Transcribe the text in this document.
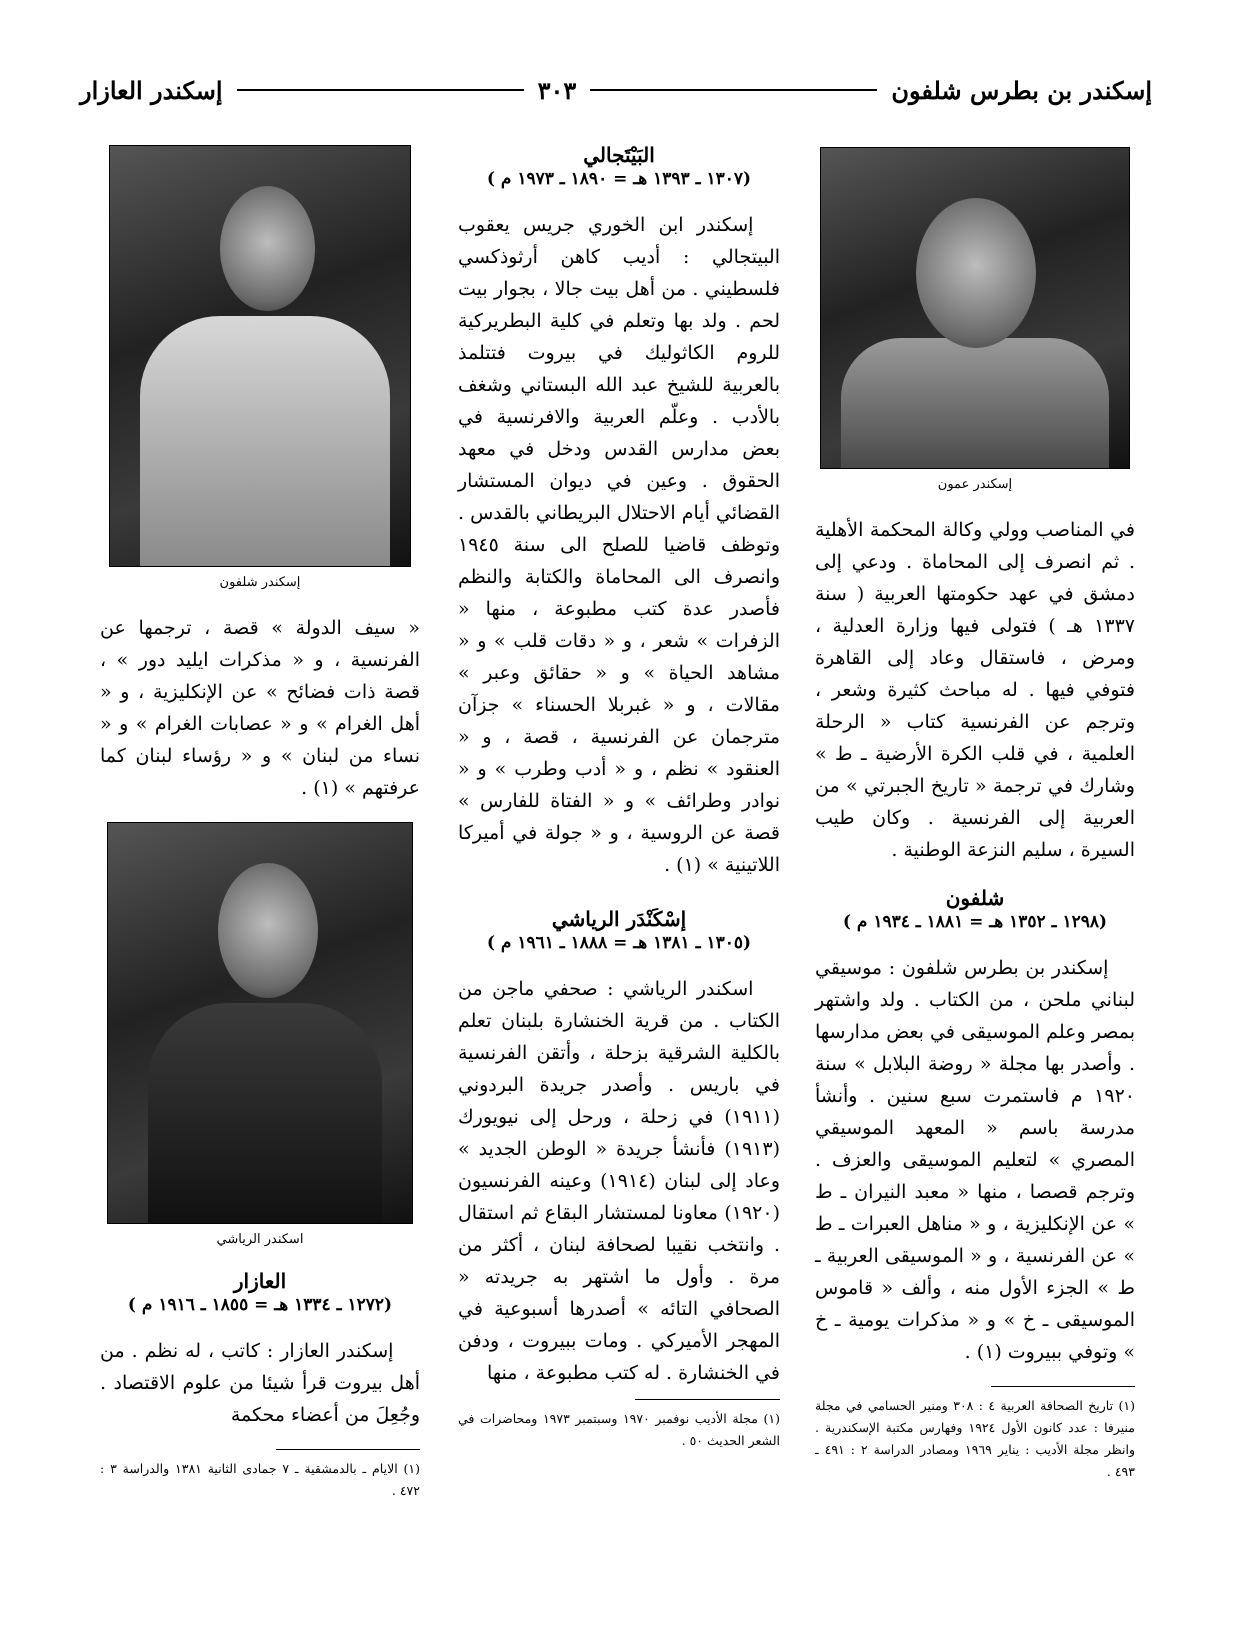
إسكندر بن بطرس شلفون
٣٠٣
إسكندر العازار
إسكندر عمون

في المناصب وولي وكالة المحكمة الأهلية . ثم انصرف إلى المحاماة . ودعي إلى دمشق في عهد حكومتها العربية ( سنة ١٣٣٧ هـ ) فتولى فيها وزارة العدلية ، ومرض ، فاستقال وعاد إلى القاهرة فتوفي فيها . له مباحث كثيرة وشعر ، وترجم عن الفرنسية كتاب « الرحلة العلمية ، في قلب الكرة الأرضية ـ ط » وشارك في ترجمة « تاريخ الجبرتي » من العربية إلى الفرنسية . وكان طيب السيرة ، سليم النزعة الوطنية .

شلفون
(١٢٩٨ ـ ١٣٥٢ هـ = ١٨٨١ ـ ١٩٣٤ م )

إسكندر بن بطرس شلفون : موسيقي لبناني ملحن ، من الكتاب . ولد واشتهر بمصر وعلم الموسيقى في بعض مدارسها . وأصدر بها مجلة « روضة البلابل » سنة ١٩٢٠ م فاستمرت سبع سنين . وأنشأ مدرسة باسم « المعهد الموسيقي المصري » لتعليم الموسيقى والعزف . وترجم قصصا ، منها « معبد النيران ـ ط » عن الإنكليزية ، و « مناهل العبرات ـ ط » عن الفرنسية ، و « الموسيقى العربية ـ ط » الجزء الأول منه ، وألف « قاموس الموسيقى ـ خ » و « مذكرات يومية ـ خ » وتوفي ببيروت (١) .

(١) تاريخ الصحافة العربية ٤ : ٣٠٨ ومنير الحسامي في مجلة منيرفا : عدد كانون الأول ١٩٢٤ وفهارس مكتبة الإسكندرية . وانظر مجلة الأديب : يناير ١٩٦٩ ومصادر الدراسة ٢ : ٤٩١ ـ ٤٩٣ .

البَيْتَجالي
(١٣٠٧ ـ ١٣٩٣ هـ = ١٨٩٠ ـ ١٩٧٣ م )

إسكندر ابن الخوري جريس يعقوب البيتجالي : أديب كاهن أرثوذكسي فلسطيني . من أهل بيت جالا ، بجوار بيت لحم . ولد بها وتعلم في كلية البطريركية للروم الكاثوليك في بيروت فتتلمذ بالعربية للشيخ عبد الله البستاني وشغف بالأدب . وعلّم العربية والافرنسية في بعض مدارس القدس ودخل في معهد الحقوق . وعين في ديوان المستشار القضائي أيام الاحتلال البريطاني بالقدس . وتوظف قاضيا للصلح الى سنة ١٩٤٥ وانصرف الى المحاماة والكتابة والنظم فأصدر عدة كتب مطبوعة ، منها « الزفرات » شعر ، و « دقات قلب » و « مشاهد الحياة » و « حقائق وعبر » مقالات ، و « غبربلا الحسناء » جزآن مترجمان عن الفرنسية ، قصة ، و « العنقود » نظم ، و « أدب وطرب » و « نوادر وطرائف » و « الفتاة للفارس » قصة عن الروسية ، و « جولة في أميركا اللاتينية » (١) .

إسْكَنْدَر الرياشي
(١٣٠٥ ـ ١٣٨١ هـ = ١٨٨٨ ـ ١٩٦١ م )

اسكندر الرياشي : صحفي ماجن من الكتاب . من قرية الخنشارة بلبنان تعلم بالكلية الشرقية بزحلة ، وأتقن الفرنسية في باريس . وأصدر جريدة البردوني (١٩١١) في زحلة ، ورحل إلى نيويورك (١٩١٣) فأنشأ جريدة « الوطن الجديد » وعاد إلى لبنان (١٩١٤) وعينه الفرنسيون (١٩٢٠) معاونا لمستشار البقاع ثم استقال . وانتخب نقيبا لصحافة لبنان ، أكثر من مرة . وأول ما اشتهر به جريدته « الصحافي التائه » أصدرها أسبوعية في المهجر الأميركي . ومات ببيروت ، ودفن في الخنشارة . له كتب مطبوعة ، منها

(١) مجلة الأديب نوفمبر ١٩٧٠ وسبتمبر ١٩٧٣ ومحاضرات في الشعر الحديث ٥٠ .

إسكندر شلفون

« سيف الدولة » قصة ، ترجمها عن الفرنسية ، و « مذكرات ايليد دور » ، قصة ذات فضائح » عن الإنكليزية ، و « أهل الغرام » و « عصابات الغرام » و « نساء من لبنان » و « رؤساء لبنان كما عرفتهم » (١) .

اسكندر الرياشي
العازار
(١٢٧٢ ـ ١٣٣٤ هـ = ١٨٥٥ ـ ١٩١٦ م )

إسكندر العازار : كاتب ، له نظم . من أهل بيروت قرأ شيئا من علوم الاقتصاد . وجُعِلَ من أعضاء محكمة

(١) الايام ـ بالدمشقية ـ ٧ جمادى الثانية ١٣٨١ والدراسة ٣ : ٤٧٢ .
